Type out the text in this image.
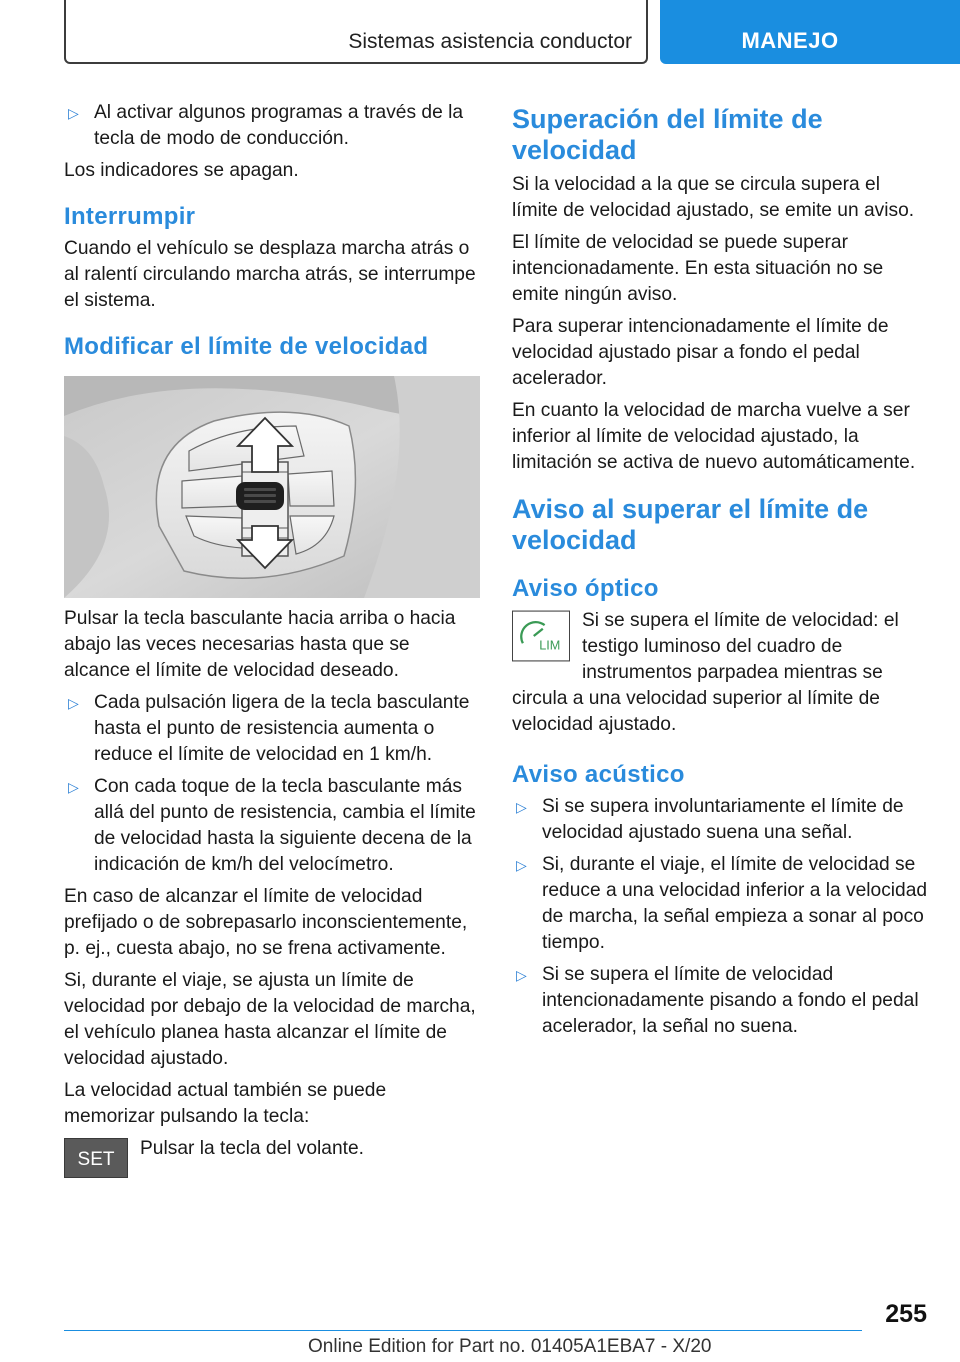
Sistemas asistencia conductor	MANEJO
▷ Al activar algunos programas a través de la tecla de modo de conducción.

Los indicadores se apagan.

Interrumpir

Cuando el vehículo se desplaza marcha atrás o al ralentí circulando marcha atrás, se interrumpe el sistema.

Modificar el límite de velocidad

Pulsar la tecla basculante hacia arriba o hacia abajo las veces necesarias hasta que se alcance el límite de velocidad deseado.

▷ Cada pulsación ligera de la tecla basculante hasta el punto de resistencia aumenta o reduce el límite de velocidad en 1 km/h.
▷ Con cada toque de la tecla basculante más allá del punto de resistencia, cambia el límite de velocidad hasta la siguiente decena de la indicación de km/h del velocímetro.

En caso de alcanzar el límite de velocidad prefijado o de sobrepasarlo inconscientemente, p. ej., cuesta abajo, no se frena activamente.

Si, durante el viaje, se ajusta un límite de velocidad por debajo de la velocidad de marcha, el vehículo planea hasta alcanzar el límite de velocidad ajustado.

La velocidad actual también se puede memorizar pulsando la tecla:

SET
Pulsar la tecla del volante.
Superación del límite de velocidad

Si la velocidad a la que se circula supera el límite de velocidad ajustado, se emite un aviso.

El límite de velocidad se puede superar intencionadamente. En esta situación no se emite ningún aviso.

Para superar intencionadamente el límite de velocidad ajustado pisar a fondo el pedal acelerador.

En cuanto la velocidad de marcha vuelve a ser inferior al límite de velocidad ajustado, la limitación se activa de nuevo automáticamente.

Aviso al superar el límite de velocidad
Aviso óptico
LIM
Si se supera el límite de velocidad: el testigo luminoso del cuadro de instrumentos parpadea mientras se circula a una velocidad superior al límite de velocidad ajustado.
Aviso acústico
▷ Si se supera involuntariamente el límite de velocidad ajustado suena una señal.
▷ Si, durante el viaje, el límite de velocidad se reduce a una velocidad inferior a la velocidad de marcha, la señal empieza a sonar al poco tiempo.
▷ Si se supera el límite de velocidad intencionadamente pisando a fondo el pedal acelerador, la señal no suena.
255
Online Edition for Part no. 01405A1EBA7 - X/20
